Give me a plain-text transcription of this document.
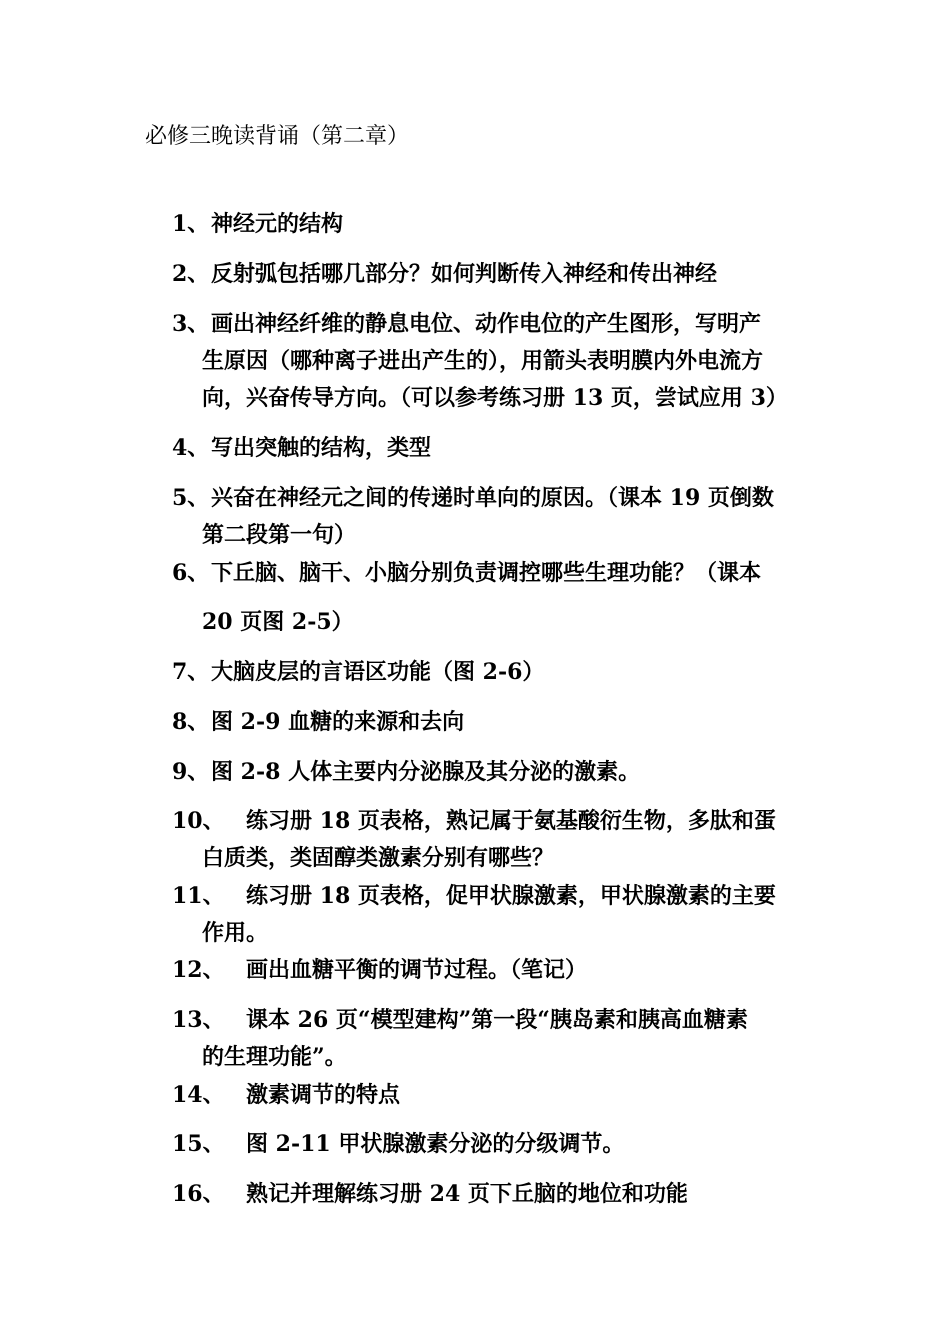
必修三晚读背诵（第二章）
1、 神经元的结构
2、 反射弧包括哪几部分？如何判断传入神经和传出神经
3、 画出神经纤维的静息电位、动作电位的产生图形，写明产
生原因（哪种离子进出产生的），用箭头表明膜内外电流方
向，兴奋传导方向。（可以参考练习册 13 页，尝试应用 3）
4、 写出突触的结构，类型
5、 兴奋在神经元之间的传递时单向的原因。（课本 19 页倒数
第二段第一句）
6、 下丘脑、脑干、小脑分别负责调控哪些生理功能？（课本
20 页图 2-5）
7、 大脑皮层的言语区功能（图 2-6）
8、 图 2-9 血糖的来源和去向
9、 图 2-8 人体主要内分泌腺及其分泌的激素。
10、 练习册 18 页表格，熟记属于氨基酸衍生物，多肽和蛋
白质类，类固醇类激素分别有哪些？
11、 练习册 18 页表格，促甲状腺激素，甲状腺激素的主要
作用。
12、 画出血糖平衡的调节过程。（笔记）
13、 课本 26 页“模型建构”第一段“胰岛素和胰高血糖素
的生理功能”。
14、 激素调节的特点
15、 图 2-11 甲状腺激素分泌的分级调节。
16、 熟记并理解练习册 24 页下丘脑的地位和功能
